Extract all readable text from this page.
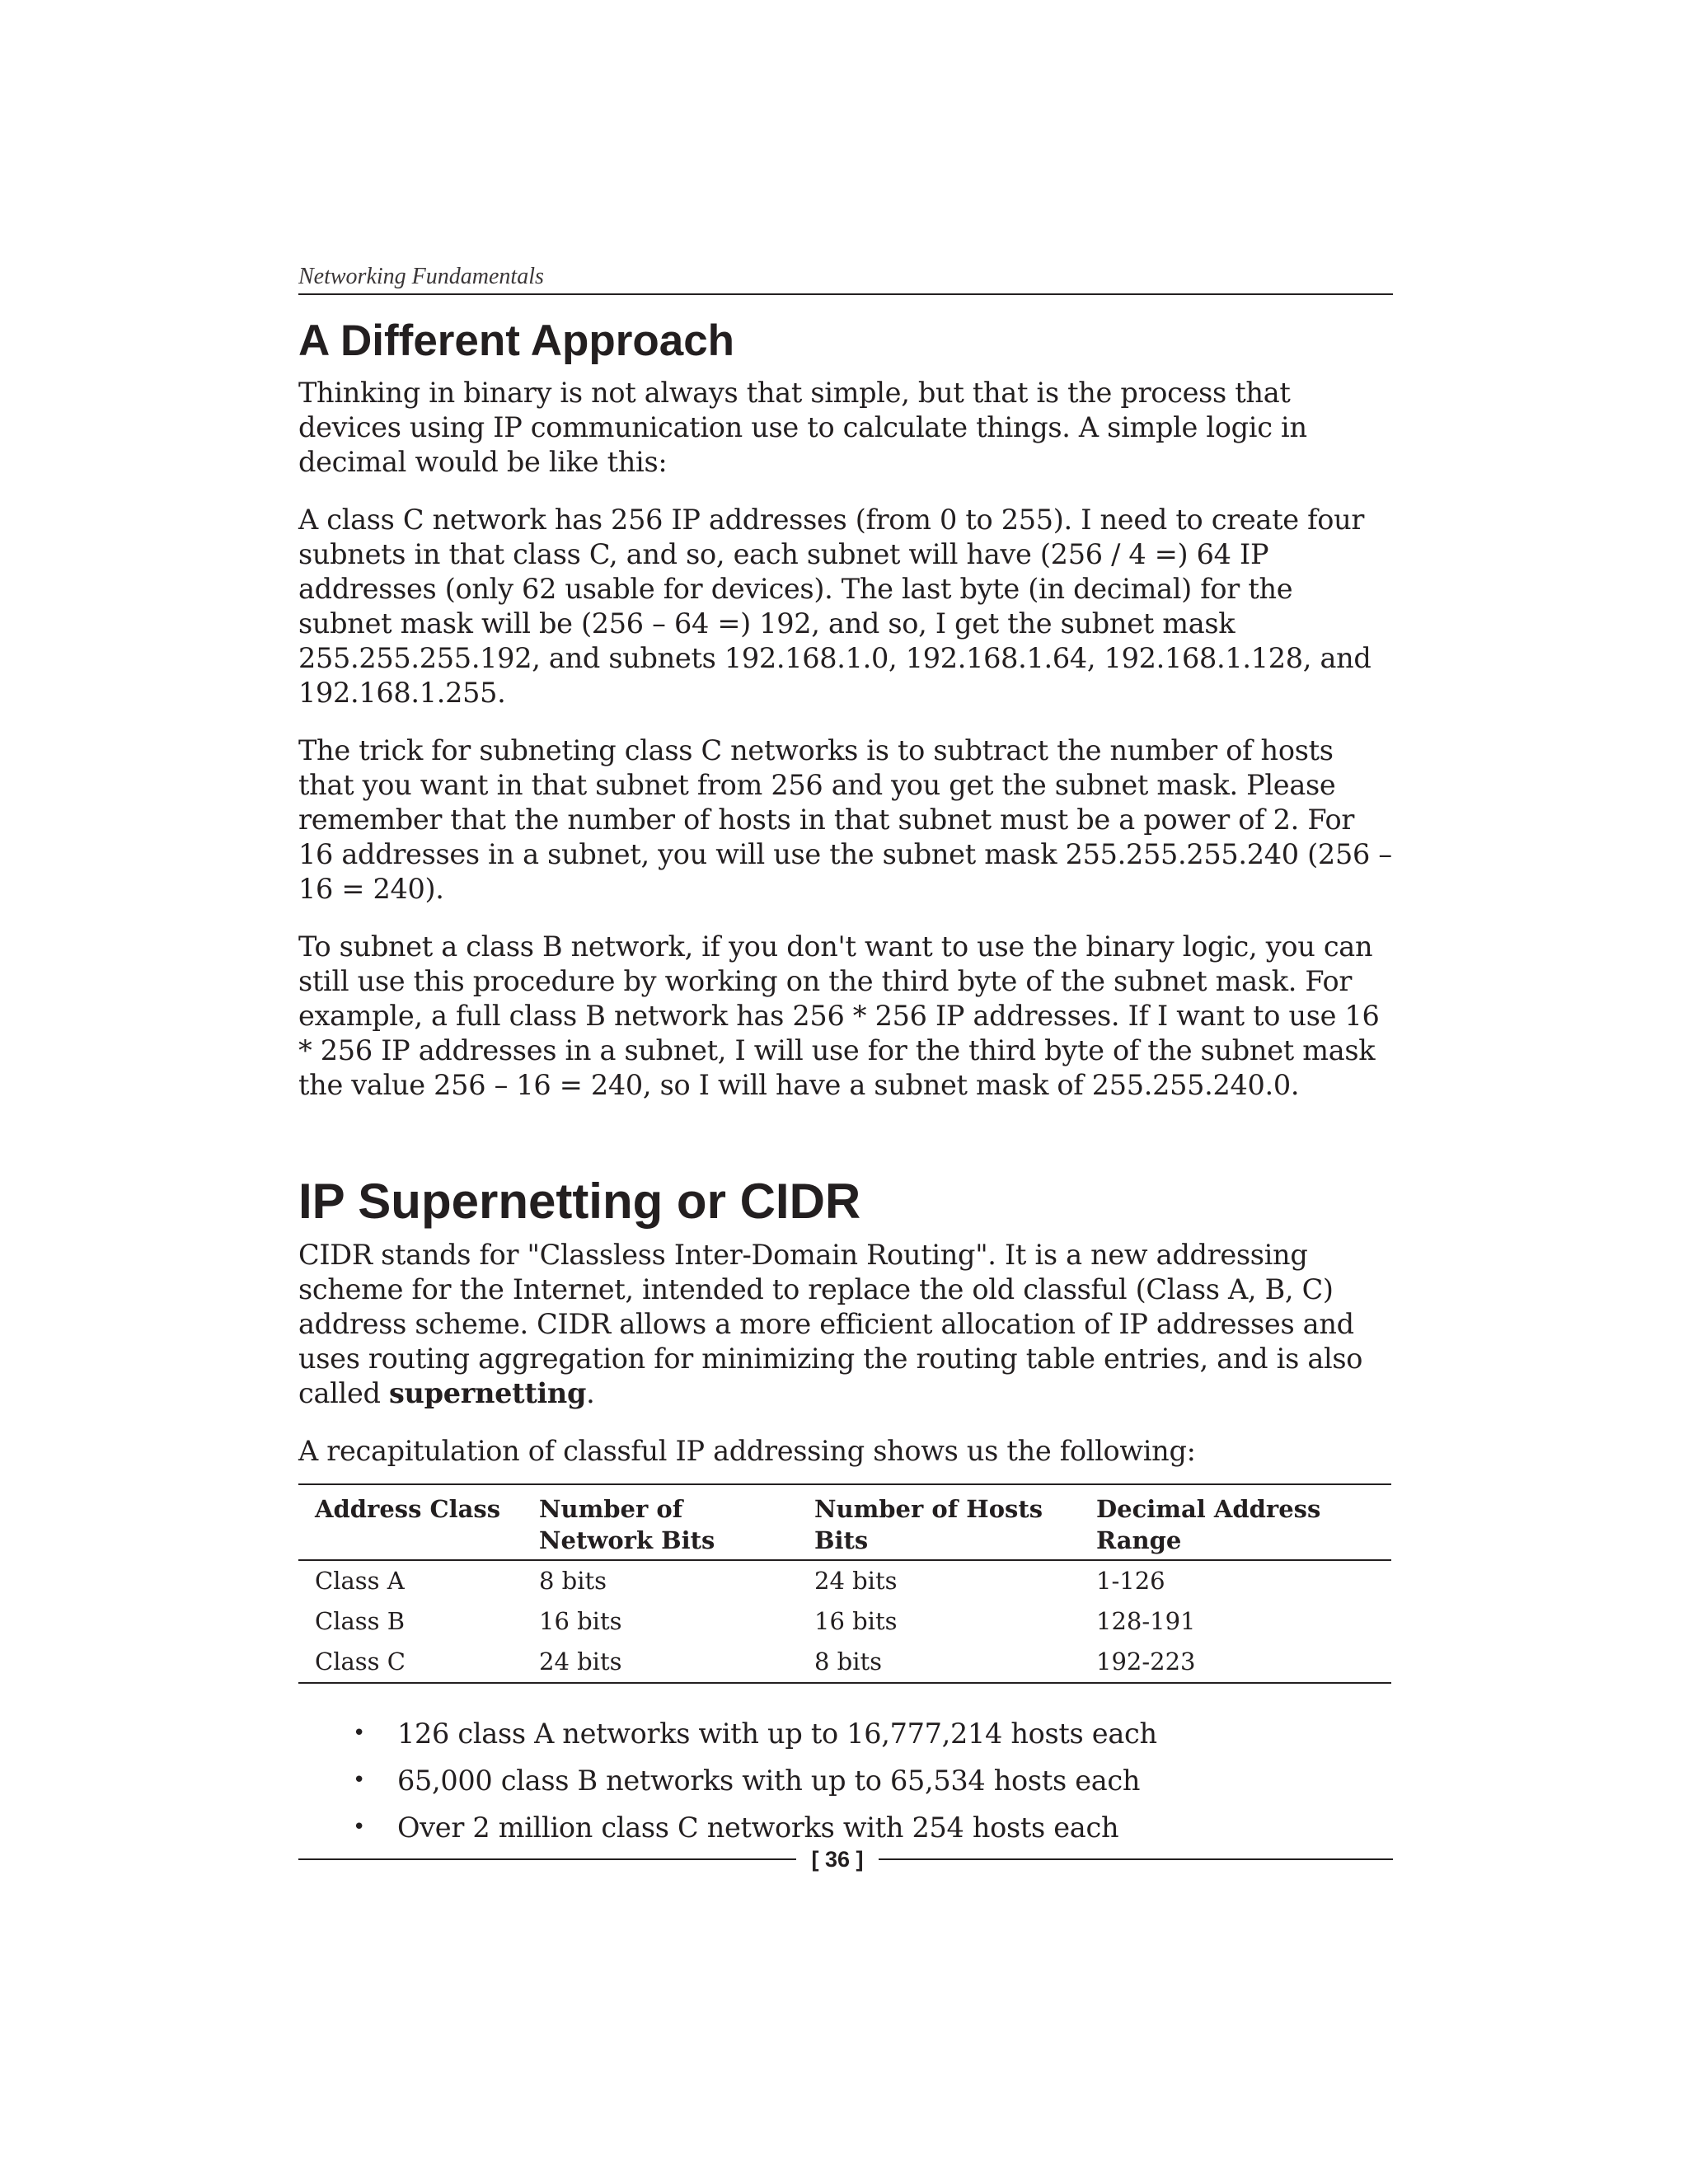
Networking Fundamentals
A Different Approach

Thinking in binary is not always that simple, but that is the process that devices using IP communication use to calculate things. A simple logic in decimal would be like this:

A class C network has 256 IP addresses (from 0 to 255). I need to create four subnets in that class C, and so, each subnet will have (256 / 4 =) 64 IP addresses (only 62 usable for devices). The last byte (in decimal) for the subnet mask will be (256 – 64 =) 192, and so, I get the subnet mask 255.255.255.192, and subnets 192.168.1.0, 192.168.1.64, 192.168.1.128, and 192.168.1.255.

The trick for subneting class C networks is to subtract the number of hosts that you want in that subnet from 256 and you get the subnet mask. Please remember that the number of hosts in that subnet must be a power of 2. For 16 addresses in a subnet, you will use the subnet mask 255.255.255.240 (256 – 16 = 240).

To subnet a class B network, if you don't want to use the binary logic, you can still use this procedure by working on the third byte of the subnet mask. For example, a full class B network has 256 * 256 IP addresses. If I want to use 16 * 256 IP addresses in a subnet, I will use for the third byte of the subnet mask the value 256 – 16 = 240, so I will have a subnet mask of 255.255.240.0.

IP Supernetting or CIDR

CIDR stands for "Classless Inter-Domain Routing". It is a new addressing scheme for the Internet, intended to replace the old classful (Class A, B, C) address scheme. CIDR allows a more efficient allocation of IP addresses and uses routing aggregation for minimizing the routing table entries, and is also called supernetting.

A recapitulation of classful IP addressing shows us the following:

Address Class	Number of Network Bits	Number of Hosts Bits	Decimal Address Range
Class A	8 bits	24 bits	1-126
Class B	16 bits	16 bits	128-191
Class C	24 bits	8 bits	192-223
• 126 class A networks with up to 16,777,214 hosts each
• 65,000 class B networks with up to 65,534 hosts each
• Over 2 million class C networks with 254 hosts each
[ 36 ]
